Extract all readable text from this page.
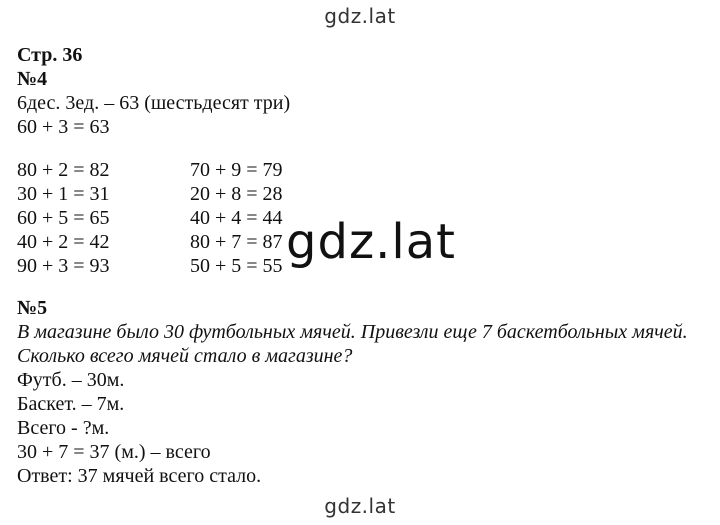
gdz.lat
Стр. 36
№4
6дес. 3ед. – 63 (шестьдесят три)
60 + 3 = 63
80 + 2 = 82
30 + 1 = 31
60 + 5 = 65
40 + 2 = 42
90 + 3 = 93
70 + 9 = 79
20 + 8 = 28
40 + 4 = 44
80 + 7 = 87
50 + 5 = 55 gdz.lat
№5
В магазине было 30 футбольных мячей. Привезли еще 7 баскетбольных мячей.
Сколько всего мячей стало в магазине?
Футб. – 30м.
Баскет. – 7м.
Всего - ?м.
30 + 7 = 37 (м.) – всего
Ответ: 37 мячей всего стало.
gdz.lat
